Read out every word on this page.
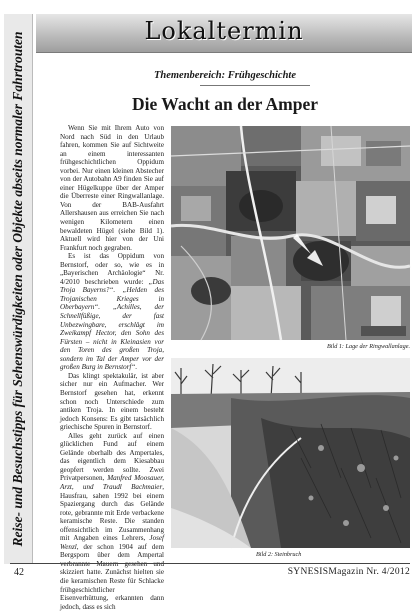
Lokaltermin
Reise- und Besuchstipps für Sehenswürdigkeiten oder Objekte abseits normaler Fahrtrouten	Themenbereich: Frühgeschichte
Die Wacht an der Amper

Wenn Sie mit Ihrem Auto von Nord nach Süd in den Urlaub fahren, kommen Sie auf Sichtweite an einem interessanten frühgeschichtlichen Oppidum vorbei. Nur einen kleinen Abstecher von der Autobahn A9 finden Sie auf einer Hügelkuppe über der Amper die Überreste einer Ringwallanlage. Von der BAB-Ausfahrt Allershausen aus erreichen Sie nach wenigen Kilometern einen bewaldeten Hügel (siehe Bild 1). Aktuell wird hier von der Uni Frankfurt noch gegraben.

Es ist das Oppidum von Bernstorf, oder so, wie es in „Bayerischen Archäologie“ Nr. 4/2010 beschrieben wurde: „Das Troja Bayerns?“. „Helden des Trojanischen Krieges in Oberbayern“. „Achilles, der Schnellfüßige, der fast Unbezwingbare, erschlägt im Zweikampf Hector, den Sohn des Fürsten – nicht in Kleinasien vor den Toren des großen Troja, sondern im Tal der Amper vor der großen Burg in Bernstorf“.

Das klingt spektakulär, ist aber sicher nur ein Aufmacher. Wer Bernstorf gesehen hat, erkennt schon noch Unterschiede zum antiken Troja. In einem besteht jedoch Konsens: Es gibt tatsächlich griechische Spuren in Bernstorf.

Alles geht zurück auf einen glücklichen Fund auf einem Gelände oberhalb des Ampertales, das eigentlich dem Kiesabbau geopfert werden sollte. Zwei Privatpersonen, Manfred Moosauer, Arzt, und Traudl Bachmaier, Hausfrau, sahen 1992 bei einem Spaziergang durch das Gelände rote, gebrannte mit Erde verbackene keramische Reste. Die standen offensichtlich im Zusammenhang mit Angaben eines Lehrers, Josef Wenzl, der schon 1904 auf dem Bergsporn über dem Ampertal verbrannte Mauern gesehen und skizziert hatte. Zunächst hielten sie die keramischen Reste für Schlacke frühgeschichtlicher Eisenverhüttung, erkannten dann jedoch, dass es sich

Bild 1: Lage der Ringwallanlage.
Bild 2: Steinbruch
42	SYNESISMagazin Nr. 4/2012
